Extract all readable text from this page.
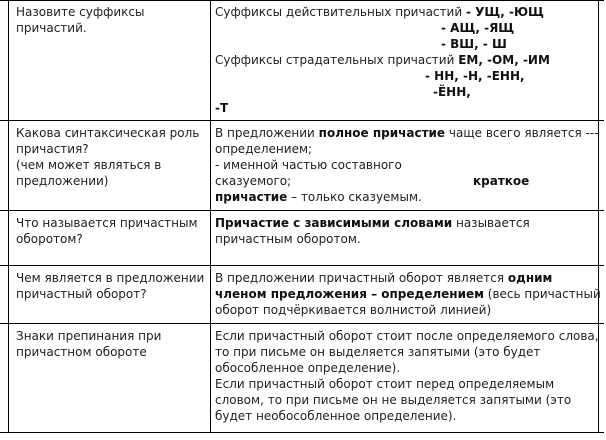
Назовите суффиксы
причастий.
Суффиксы действительных причастий - УЩ, -ЮЩ
- АЩ, -ЯЩ
- ВШ, - Ш
Суффиксы страдательных причастий ЕМ, -ОМ, -ИМ
- НН, -Н, -ЕНН,
-ЁНН,
-Т
Какова синтаксическая роль
причастия?
(чем может являться в
предложении)
В предложении полное причастие чаще всего является ---
определением;
- именной частью составного
сказуемого;	краткое
причастие – только сказуемым.
Что называется причастным
оборотом?
Причастие с зависимыми словами называется
причастным оборотом.
Чем является в предложении
причастный оборот?
В предложении причастный оборот является одним
членом предложения – определением (весь причастный
оборот подчёркивается волнистой линией)
Знаки препинания при
причастном обороте
Если причастный оборот стоит после определяемого слова,
то при письме он выделяется запятыми (это будет
обособленное определение).
Если причастный оборот стоит перед определяемым
словом, то при письме он не выделяется запятыми (это
будет необособленное определение).
